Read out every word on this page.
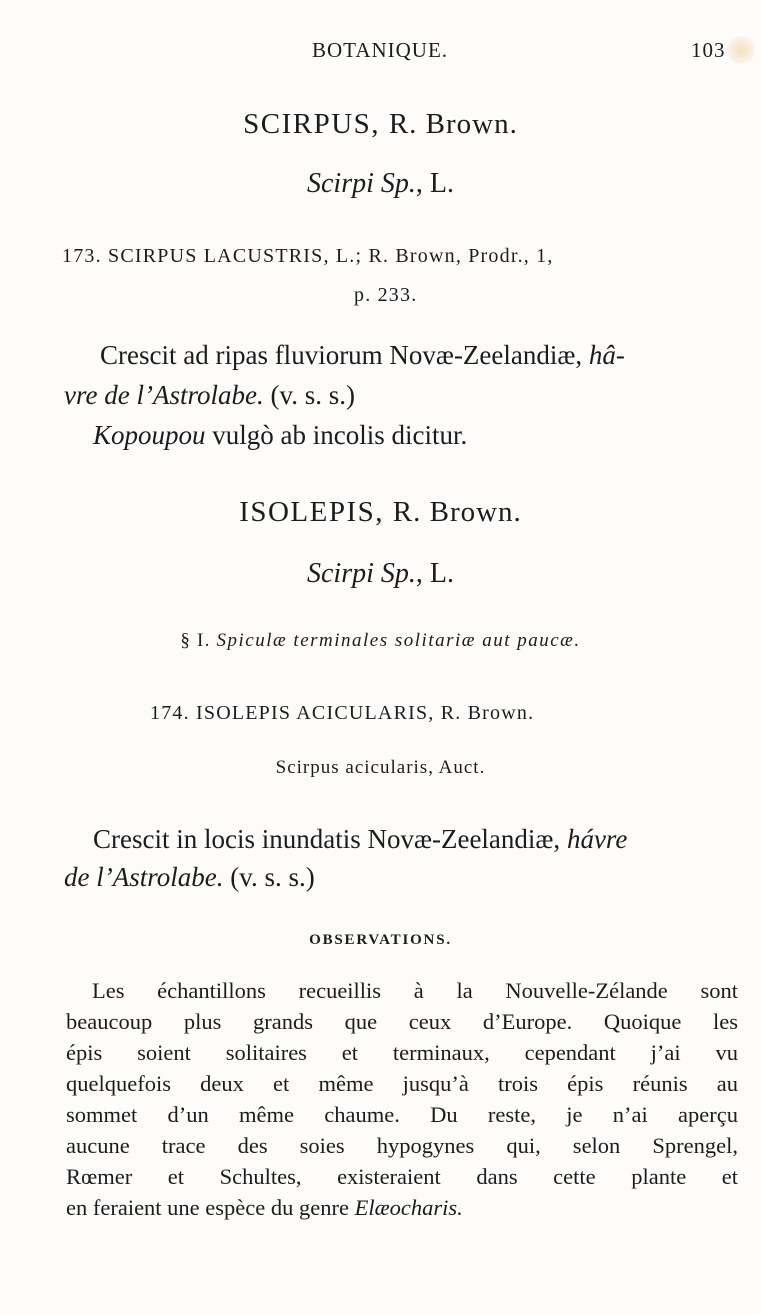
BOTANIQUE.	103
SCIRPUS, R. Brown.
Scirpi Sp., L.
173. SCIRPUS LACUSTRIS, L.; R. Brown, Prodr., 1,
p. 233.
Crescit ad ripas fluviorum Novæ-Zeelandiæ, hâ-
vre de l’Astrolabe. (v. s. s.)
Kopoupou vulgò ab incolis dicitur.
ISOLEPIS, R. Brown.
Scirpi Sp., L.
§ I. Spiculæ terminales solitariæ aut paucæ.
174. ISOLEPIS ACICULARIS, R. Brown.
Scirpus acicularis, Auct.
Crescit in locis inundatis Novæ-Zeelandiæ, hávre
de l’Astrolabe. (v. s. s.)
OBSERVATIONS.
Les échantillons recueillis à la Nouvelle-Zélande sont
beaucoup plus grands que ceux d’Europe. Quoique les
épis soient solitaires et terminaux, cependant j’ai vu
quelquefois deux et même jusqu’à trois épis réunis au
sommet d’un même chaume. Du reste, je n’ai aperçu
aucune trace des soies hypogynes qui, selon Sprengel,
Rœmer et Schultes, existeraient dans cette plante et
en feraient une espèce du genre Elæocharis.
